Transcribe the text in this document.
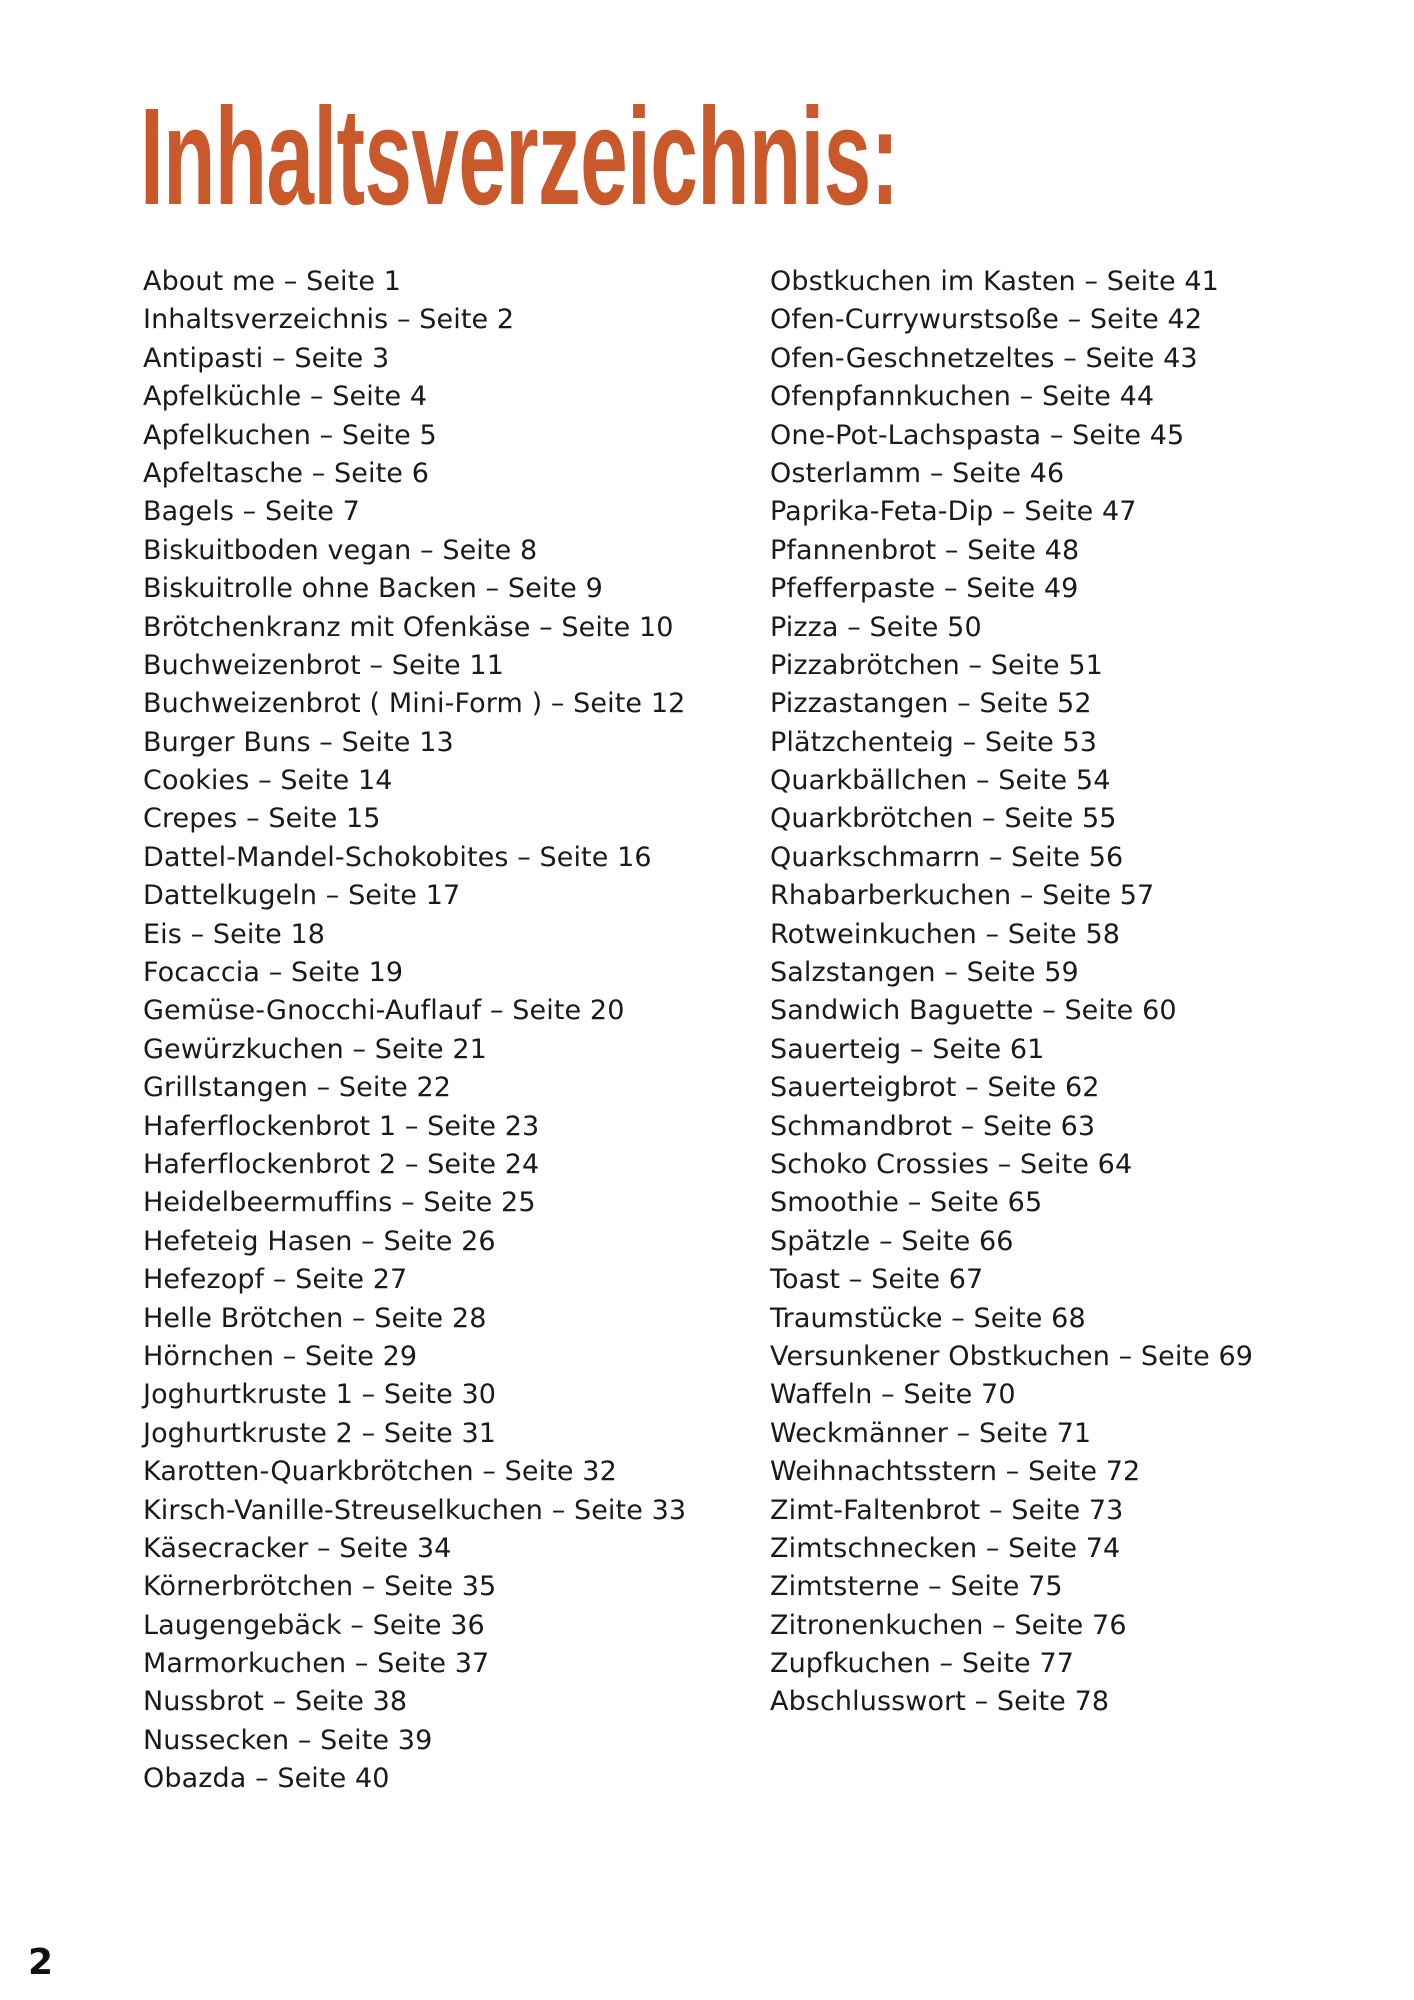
Inhaltsverzeichnis:
About me – Seite 1
Inhaltsverzeichnis – Seite 2
Antipasti – Seite 3
Apfelküchle – Seite 4
Apfelkuchen – Seite 5
Apfeltasche – Seite 6
Bagels – Seite 7
Biskuitboden vegan – Seite 8
Biskuitrolle ohne Backen – Seite 9
Brötchenkranz mit Ofenkäse – Seite 10
Buchweizenbrot – Seite 11
Buchweizenbrot ( Mini-Form ) – Seite 12
Burger Buns – Seite 13
Cookies – Seite 14
Crepes – Seite 15
Dattel-Mandel-Schokobites – Seite 16
Dattelkugeln – Seite 17
Eis – Seite 18
Focaccia – Seite 19
Gemüse-Gnocchi-Auflauf – Seite 20
Gewürzkuchen – Seite 21
Grillstangen – Seite 22
Haferflockenbrot 1 – Seite 23
Haferflockenbrot 2 – Seite 24
Heidelbeermuffins – Seite 25
Hefeteig Hasen – Seite 26
Hefezopf – Seite 27
Helle Brötchen – Seite 28
Hörnchen – Seite 29
Joghurtkruste 1 – Seite 30
Joghurtkruste 2 – Seite 31
Karotten-Quarkbrötchen – Seite 32
Kirsch-Vanille-Streuselkuchen – Seite 33
Käsecracker – Seite 34
Körnerbrötchen – Seite 35
Laugengebäck – Seite 36
Marmorkuchen – Seite 37
Nussbrot – Seite 38
Nussecken – Seite 39
Obazda – Seite 40
Obstkuchen im Kasten – Seite 41
Ofen-Currywurstsoße – Seite 42
Ofen-Geschnetzeltes – Seite 43
Ofenpfannkuchen – Seite 44
One-Pot-Lachspasta – Seite 45
Osterlamm – Seite 46
Paprika-Feta-Dip – Seite 47
Pfannenbrot – Seite 48
Pfefferpaste – Seite 49
Pizza – Seite 50
Pizzabrötchen – Seite 51
Pizzastangen – Seite 52
Plätzchenteig – Seite 53
Quarkbällchen – Seite 54
Quarkbrötchen – Seite 55
Quarkschmarrn – Seite 56
Rhabarberkuchen – Seite 57
Rotweinkuchen – Seite 58
Salzstangen – Seite 59
Sandwich Baguette – Seite 60
Sauerteig – Seite 61
Sauerteigbrot – Seite 62
Schmandbrot – Seite 63
Schoko Crossies – Seite 64
Smoothie – Seite 65
Spätzle – Seite 66
Toast – Seite 67
Traumstücke – Seite 68
Versunkener Obstkuchen – Seite 69
Waffeln – Seite 70
Weckmänner – Seite 71
Weihnachtsstern – Seite 72
Zimt-Faltenbrot – Seite 73
Zimtschnecken – Seite 74
Zimtsterne – Seite 75
Zitronenkuchen – Seite 76
Zupfkuchen – Seite 77
Abschlusswort – Seite 78
2
